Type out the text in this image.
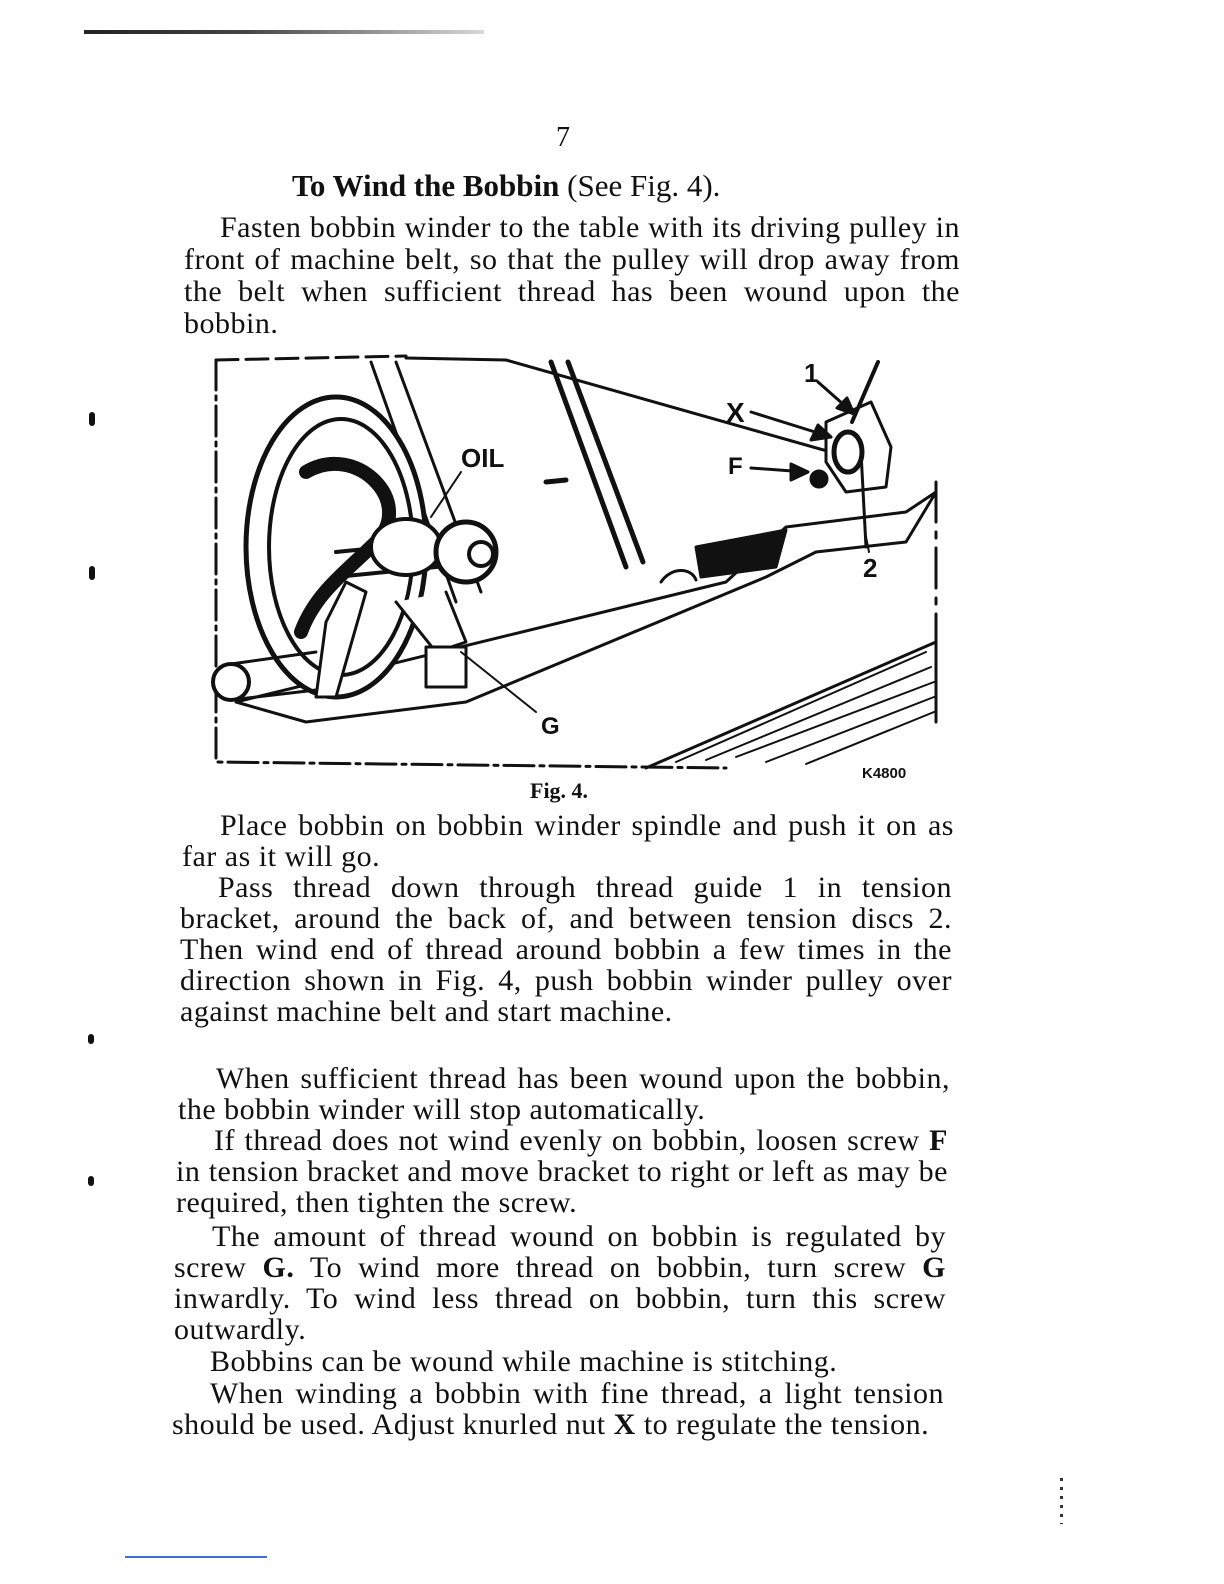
7
To Wind the Bobbin (See Fig. 4).

Fasten bobbin winder to the table with its driving pulley in front of machine belt, so that the pulley will drop away from the belt when sufficient thread has been wound upon the bobbin.

1
X
OIL	F
2
G
K4800
Fig. 4.

Place bobbin on bobbin winder spindle and push it on as far as it will go.

Pass thread down through thread guide 1 in tension bracket, around the back of, and between tension discs 2. Then wind end of thread around bobbin a few times in the direction shown in Fig. 4, push bobbin winder pulley over against machine belt and start machine.

When sufficient thread has been wound upon the bobbin, the bobbin winder will stop automatically.

If thread does not wind evenly on bobbin, loosen screw F in tension bracket and move bracket to right or left as may be required, then tighten the screw.

The amount of thread wound on bobbin is regulated by screw G. To wind more thread on bobbin, turn screw G inwardly. To wind less thread on bobbin, turn this screw outwardly.

Bobbins can be wound while machine is stitching.

When winding a bobbin with fine thread, a light tension should be used. Adjust knurled nut X to regulate the tension.
